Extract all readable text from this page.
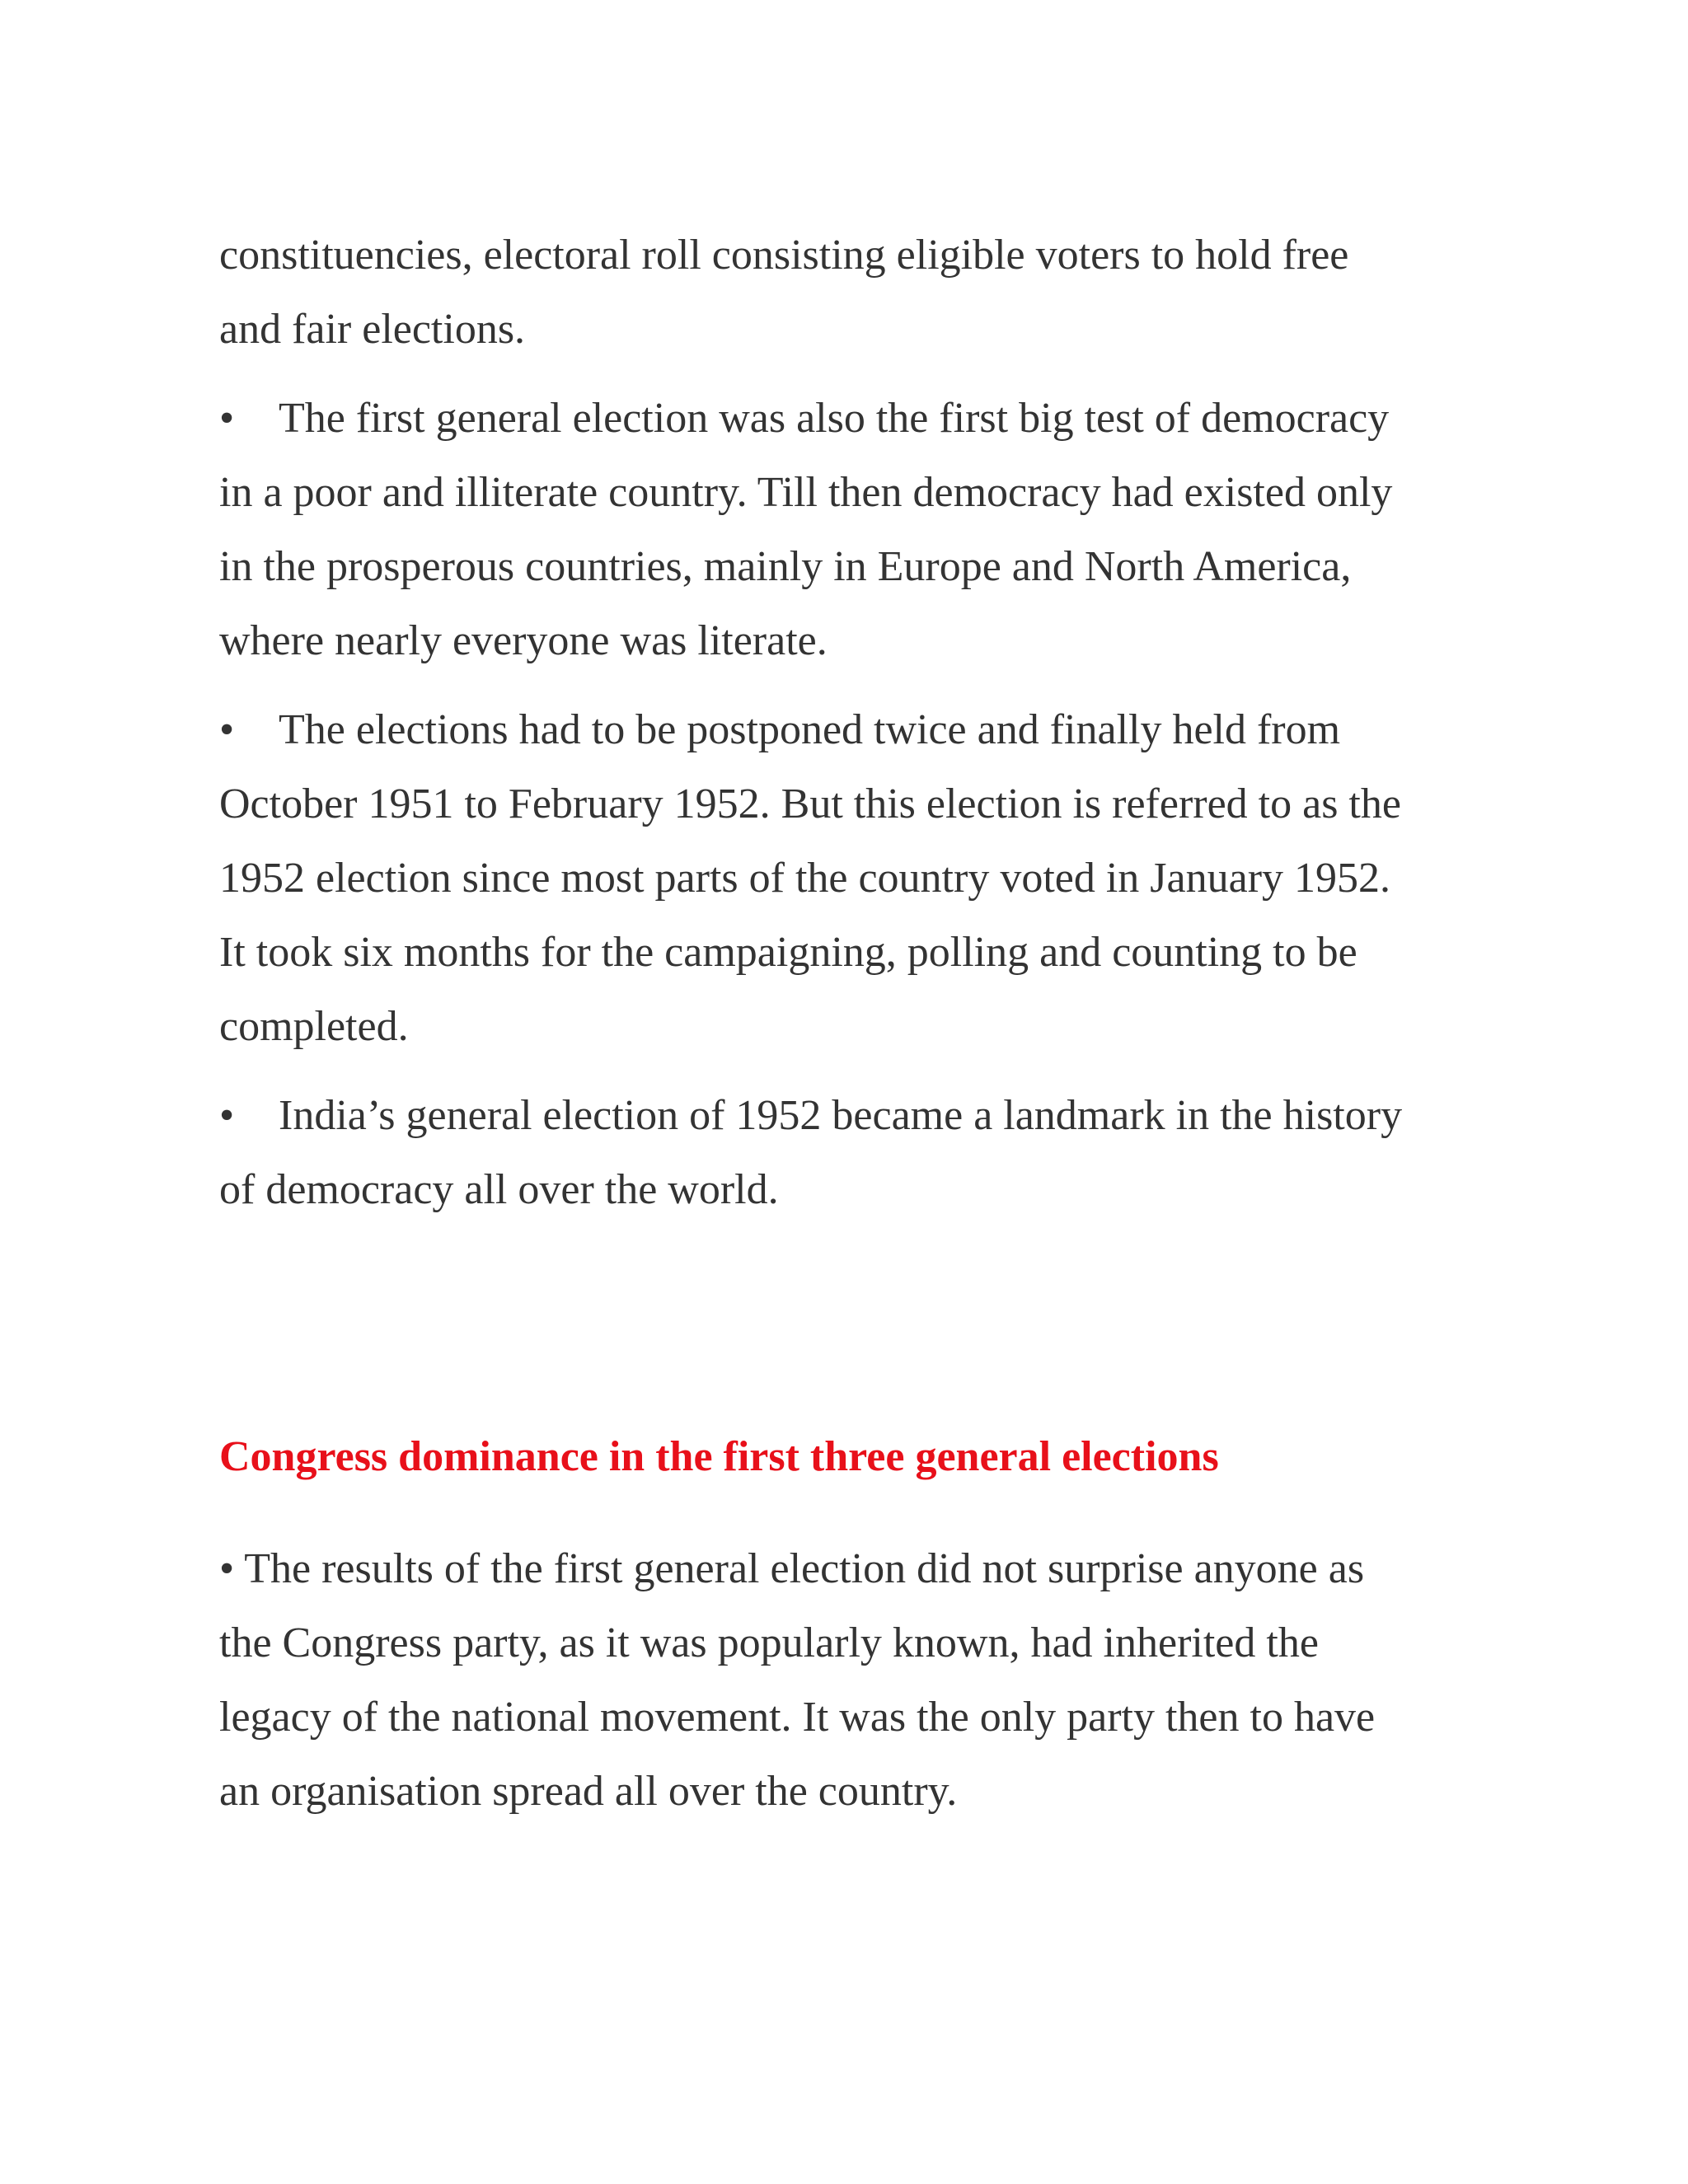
constituencies, electoral roll consisting eligible voters to hold free
and fair elections.
• The first general election was also the first big test of democracy
in a poor and illiterate country. Till then democracy had existed only
in the prosperous countries, mainly in Europe and North America,
where nearly everyone was literate.
• The elections had to be postponed twice and finally held from
October 1951 to February 1952. But this election is referred to as the
1952 election since most parts of the country voted in January 1952.
It took six months for the campaigning, polling and counting to be
completed.
• India’s general election of 1952 became a landmark in the history
of democracy all over the world.
Congress dominance in the first three general elections
• The results of the first general election did not surprise anyone as
the Congress party, as it was popularly known, had inherited the
legacy of the national movement. It was the only party then to have
an organisation spread all over the country.
